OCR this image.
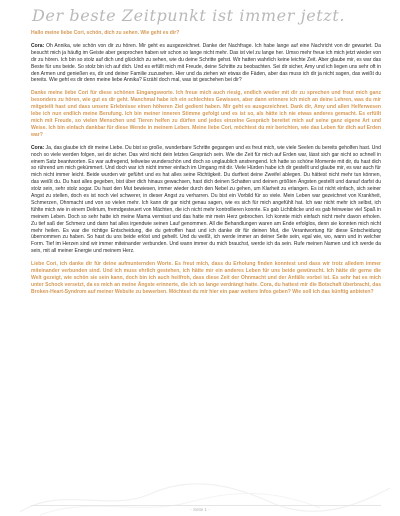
Der beste Zeitpunkt ist immer jetzt.

Hallo meine liebe Cori, schön, dich zu sehen. Wie geht es dir?

Cora: Oh Annika, wie schön von dir zu hören. Mir geht es ausgezeichnet. Danke der Nachfrage. Ich habe lange auf eine Nachricht von dir gewartet. Da besucht mich ja häufig im Geiste aber gesprochen haben wir schon so lange nicht mehr. Das ist viel zu lange her. Umso mehr freue ich mich jetzt wieder von dir zu hören. Ich bin so stolz auf dich und glücklich zu sehen, wie du deine Schritte gehst. Wir hatten wahrlich keine leichte Zeit. Aber glaube mir, es war das Beste für uns beide. So stolz bin ich auf dich. Und es erfüllt mich mit Freude, deine Schritte zu beobachten. Sei dir sicher, Amy und ich liegen uns sehr oft in den Armen und genießen es, dir und deiner Familie zuzusehen. Hier und da ziehen wir etwas die Fäden, aber das muss ich dir ja nicht sagen, das weißt du bereits. Wie geht es dir denn meine liebe Annika? Erzähl doch mal, was ist geschehen bei dir?

Danke meine liebe Cori für diese schönen Eingangsworte. Ich freue mich auch riesig, endlich wieder mit dir zu sprechen und freut mich ganz besonders zu hören, wie gut es dir geht. Manchmal habe ich ein schlechtes Gewissen, aber dann erinnere ich mich an deine Lehren, was du mir mitgeteilt hast und dass unsere Erlebnisse einen höheren Ziel gedient haben. Mir geht es ausgezeichnet. Dank dir, Amy und allen Helferwesen lebe ich nun endlich meine Berufung. Ich bin meiner inneren Stimme gefolgt und es ist so, als hätte ich nie etwas anderes gemacht. Es erfüllt mich mit Freude, so vielen Menschen und Tieren helfen zu dürfen und jedes einzelne Gespräch bereitet mich auf seine ganz eigene Art und Weise. Ich bin einfach dankbar für diese Wende in meinem Leben. Meine liebe Cori, möchtest du mir berichten, wie das Leben für dich auf Erden war?

Cora: Ja, das glaube ich dir meine Liebe. Du bist so große, wunderbare Schritte gegangen und es freut mich, wie viele Seelen du bereits geholfen hast. Und noch so viele werden folgen, sei dir sicher. Das wird nicht dein letztes Gespräch sein. Wie die Zeit für mich auf Erden war, lässt sich gar nicht so schnell in einem Satz beantworten. Es war aufregend, teilweise wunderschön und doch so unglaublich anstrengend. Ich hatte so schöne Momente mit dir, du hast dich so rührend um mich gekümmert. Und doch war ich nicht immer einfach im Umgang mit dir. Viele Hürden habe ich dir gestellt und glaube mir, es war auch für mich nicht immer leicht. Beide wurden wir geführt und es hat alles seine Richtigkeit. Du durftest deine Zweifel ablegen. Du hättest nicht mehr tun können, das weißt du. Du hast alles gegeben, bist über dich hinaus gewachsen, hast dich deinen Schatten und deinen größten Ängsten gestellt und darauf darfst du stolz sein, sehr stolz sogar. Du hast den Mut bewiesen, immer wieder durch den Nebel zu gehen, um Klarheit zu erlangen. Es ist nicht einfach, sich seiner Angst zu stellen, doch es ist noch viel schwerer, in dieser Angst zu verharren. Du bist ein Vorbild für so viele. Mein Leben war gezeichnet von Krankheit, Schmerzen, Ohnmacht und von so vielen mehr. Ich kann dir gar nicht genau sagen, wie es sich für mich angefühlt hat. Ich war nicht mehr ich selbst, ich fühlte mich wie in einem Delirium, fremdgesteuert von Mächten, die ich nicht mehr kontrollieren konnte. Es gab Lichtblicke und es gab feinweise viel Spaß in meinem Leben. Doch so sehr hatte ich meine Mama vermisst und das hatte mir mein Herz gebrochen. Ich konnte mich einfach nicht mehr davon erholen. Zu tief saß der Schmerz und dann hat alles irgendwie seinen Lauf genommen. All die Behandlungen waren am Ende erfolglos, denn sie konnten mich nicht mehr heilen. Es war die richtige Entscheidung, die du getroffen hast und ich danke dir für deinen Mut, die Verantwortung für diese Entscheidung übernommen zu haben. So hast du uns beide erlöst und geheilt. Und du weißt, ich werde immer an deiner Seite sein, egal wie, wo, wann und in welcher Form. Tief im Herzen sind wir immer miteinander verbunden. Und wann immer du mich brauchst, werde ich da sein. Rufe meinen Namen und ich werde da sein, mit all meiner Energie und meinem Herz.

Liebe Cori, ich danke dir für deine aufmunternden Worte. Es freut mich, dass du Erholung finden konntest und dass wir trotz alledem immer miteinander verbunden sind. Und ich muss ehrlich gestehen, ich hätte mir ein anderes Leben für uns beide gewünscht. Ich hätte dir gerne die Welt gezeigt, wie schön sie sein kann, doch bin ich auch heilfroh, dass diese Zeit der Ohnmacht und der Anfälle vorbei ist. Es sehr hat es mich unter Schock versetzt, da es mich an meine Ängste erinnerte, die ich so lange verdrängt hatte. Cora, du hattest mir die Botschaft überbracht, das Broken-Heart-Syndrom auf meiner Website zu bewerben. Möchtest du mir hier ein paar weitere Infos geben? Wie soll ich das künftig anbieten?

- Seite 1 -
